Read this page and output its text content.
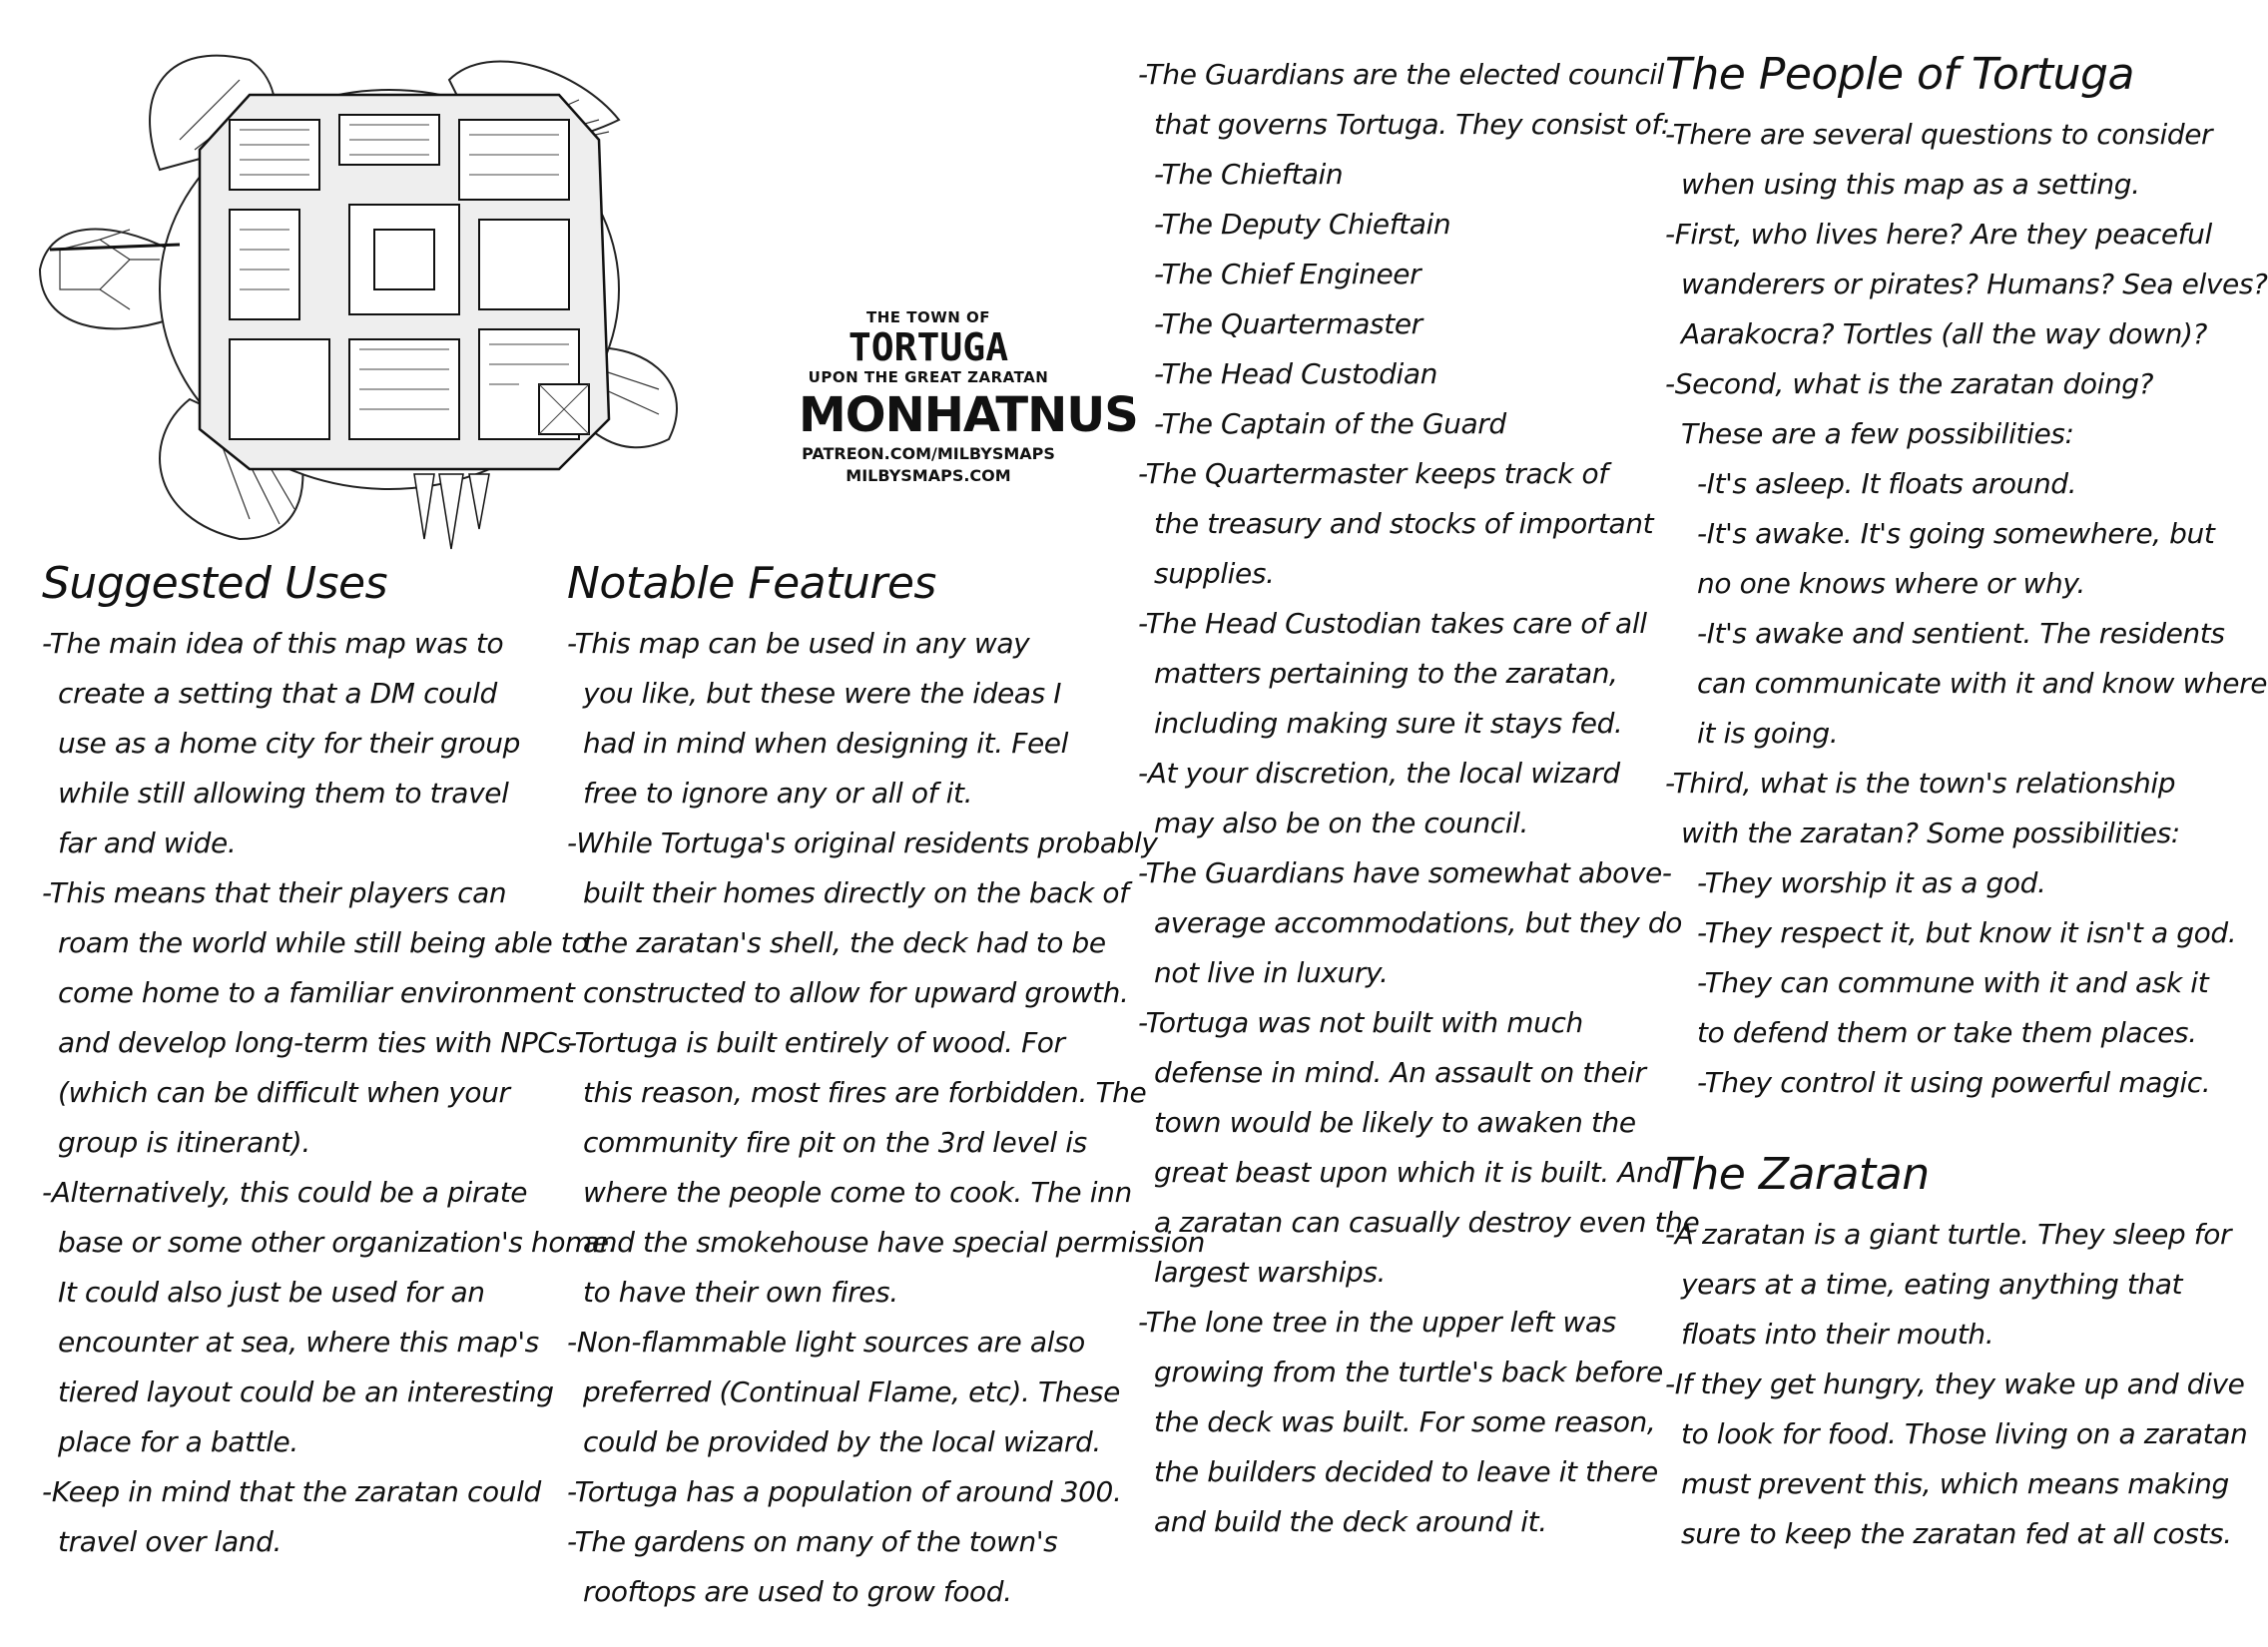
THE TOWN OF
TORTUGA
UPON THE GREAT ZARATAN
MONHATNUS
PATREON.COM/MILBYSMAPS
MILBYSMAPS.COM
Suggested Uses

-The main idea of this map was to

create a setting that a DM could

use as a home city for their group

while still allowing them to travel

far and wide.

-This means that their players can

roam the world while still being able to

come home to a familiar environment

and develop long-term ties with NPCs

(which can be difficult when your

group is itinerant).

-Alternatively, this could be a pirate

base or some other organization's home.

It could also just be used for an

encounter at sea, where this map's

tiered layout could be an interesting

place for a battle.

-Keep in mind that the zaratan could

travel over land.

Notable Features

-This map can be used in any way

you like, but these were the ideas I

had in mind when designing it. Feel

free to ignore any or all of it.

-While Tortuga's original residents probably

built their homes directly on the back of

the zaratan's shell, the deck had to be

constructed to allow for upward growth.

-Tortuga is built entirely of wood. For

this reason, most fires are forbidden. The

community fire pit on the 3rd level is

where the people come to cook. The inn

and the smokehouse have special permission

to have their own fires.

-Non-flammable light sources are also

preferred (Continual Flame, etc). These

could be provided by the local wizard.

-Tortuga has a population of around 300.

-The gardens on many of the town's

rooftops are used to grow food.

-The Guardians are the elected council

that governs Tortuga. They consist of:

-The Chieftain

-The Deputy Chieftain

-The Chief Engineer

-The Quartermaster

-The Head Custodian

-The Captain of the Guard

-The Quartermaster keeps track of

the treasury and stocks of important

supplies.

-The Head Custodian takes care of all

matters pertaining to the zaratan,

including making sure it stays fed.

-At your discretion, the local wizard

may also be on the council.

-The Guardians have somewhat above-

average accommodations, but they do

not live in luxury.

-Tortuga was not built with much

defense in mind. An assault on their

town would be likely to awaken the

great beast upon which it is built. And

a zaratan can casually destroy even the

largest warships.

-The lone tree in the upper left was

growing from the turtle's back before

the deck was built. For some reason,

the builders decided to leave it there

and build the deck around it.

The People of Tortuga

-There are several questions to consider

when using this map as a setting.

-First, who lives here? Are they peaceful

wanderers or pirates? Humans? Sea elves?

Aarakocra? Tortles (all the way down)?

-Second, what is the zaratan doing?

These are a few possibilities:

-It's asleep. It floats around.

-It's awake. It's going somewhere, but

no one knows where or why.

-It's awake and sentient. The residents

can communicate with it and know where

it is going.

-Third, what is the town's relationship

with the zaratan? Some possibilities:

-They worship it as a god.

-They respect it, but know it isn't a god.

-They can commune with it and ask it

to defend them or take them places.

-They control it using powerful magic.

The Zaratan

-A zaratan is a giant turtle. They sleep for

years at a time, eating anything that

floats into their mouth.

-If they get hungry, they wake up and dive

to look for food. Those living on a zaratan

must prevent this, which means making

sure to keep the zaratan fed at all costs.
